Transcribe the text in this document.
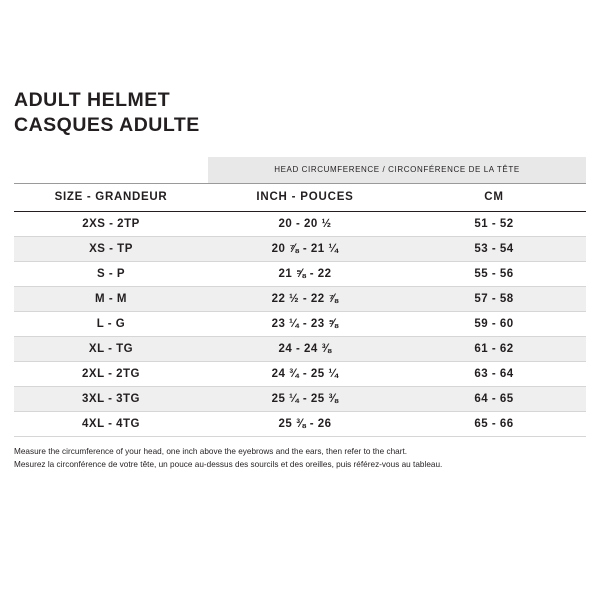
ADULT HELMET
CASQUES ADULTE
	HEAD CIRCUMFERENCE / CIRCONFÉRENCE DE LA TÊTE	
SIZE - GRANDEUR	INCH - POUCES	CM
2XS - 2TP	20 - 20 ½	51 - 52
XS - TP	20 ⅞ - 21 ¼	53 - 54
S - P	21 ⅝ - 22	55 - 56
M - M	22 ½ - 22 ⅞	57 - 58
L - G	23 ¼ - 23 ⅝	59 - 60
XL - TG	24 - 24 ⅜	61 - 62
2XL - 2TG	24 ¾ - 25 ¼	63 - 64
3XL - 3TG	25 ¼ - 25 ⅜	64 - 65
4XL - 4TG	25 ⅜ - 26	65 - 66
Measure the circumference of your head, one inch above the eyebrows and the ears, then refer to the chart.
Mesurez la circonférence de votre tête, un pouce au-dessus des sourcils et des oreilles, puis référez-vous au tableau.
